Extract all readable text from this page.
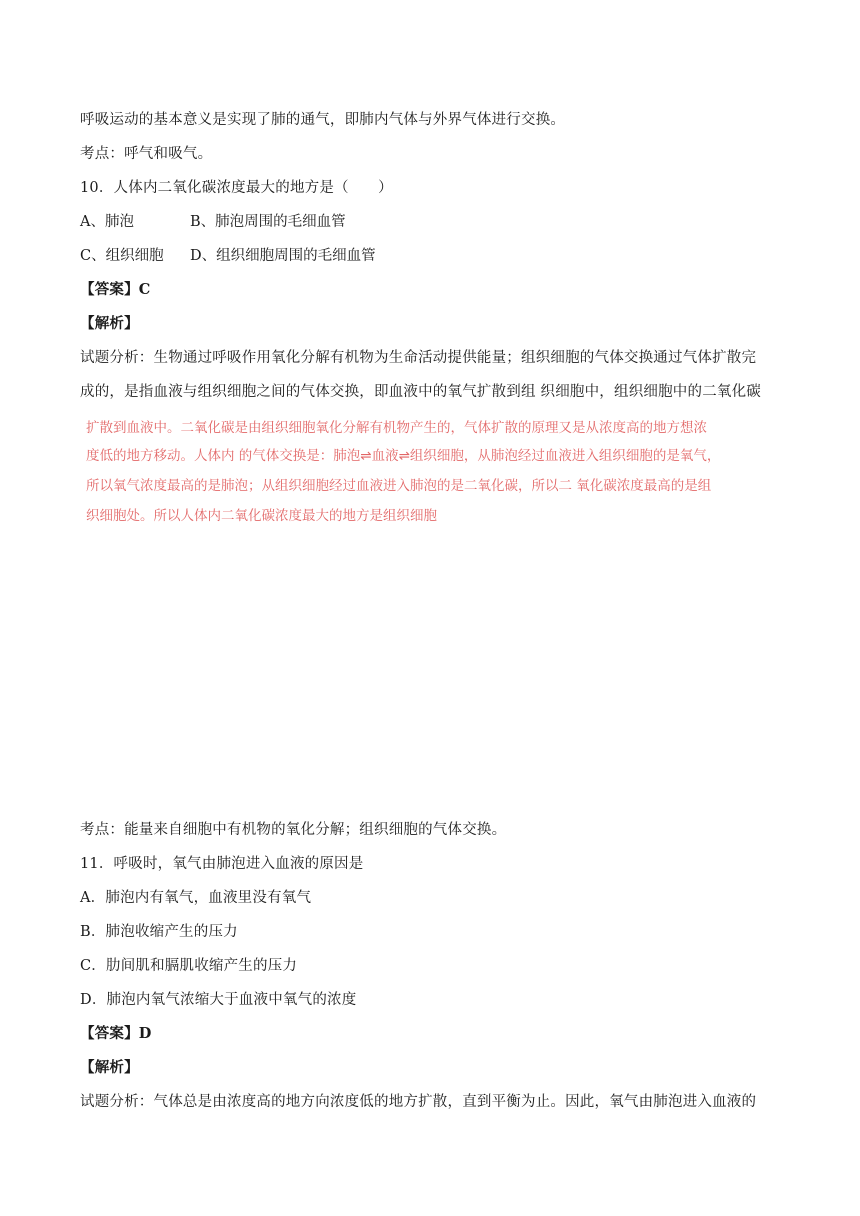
呼吸运动的基本意义是实现了肺的通气，即肺内气体与外界气体进行交换。
考点：呼气和吸气。
10．人体内二氧化碳浓度最大的地方是（　　）
A、肺泡	B、肺泡周围的毛细血管
C、组织细胞 D、组织细胞周围的毛细血管
【答案】C
【解析】
试题分析：生物通过呼吸作用氧化分解有机物为生命活动提供能量；组织细胞的气体交换通过气体扩散完
成的，是指血液与组织细胞之间的气体交换，即血液中的氧气扩散到组 织细胞中，组织细胞中的二氧化碳
扩散到血液中。二氧化碳是由组织细胞氧化分解有机物产生的，气体扩散的原理又是从浓度高的地方想浓
度低的地方移动。人体内 的气体交换是：肺泡⇌血液⇌组织细胞，从肺泡经过血液进入组织细胞的是氧气，
所以氧气浓度最高的是肺泡；从组织细胞经过血液进入肺泡的是二氧化碳，所以二 氧化碳浓度最高的是组
织细胞处。所以人体内二氧化碳浓度最大的地方是组织细胞
考点：能量来自细胞中有机物的氧化分解；组织细胞的气体交换。
11．呼吸时，氧气由肺泡进入血液的原因是
A．肺泡内有氧气，血液里没有氧气
B．肺泡收缩产生的压力
C．肋间肌和膈肌收缩产生的压力
D．肺泡内氧气浓缩大于血液中氧气的浓度
【答案】D
【解析】
试题分析：气体总是由浓度高的地方向浓度低的地方扩散，直到平衡为止。因此，氧气由肺泡进入血液的
